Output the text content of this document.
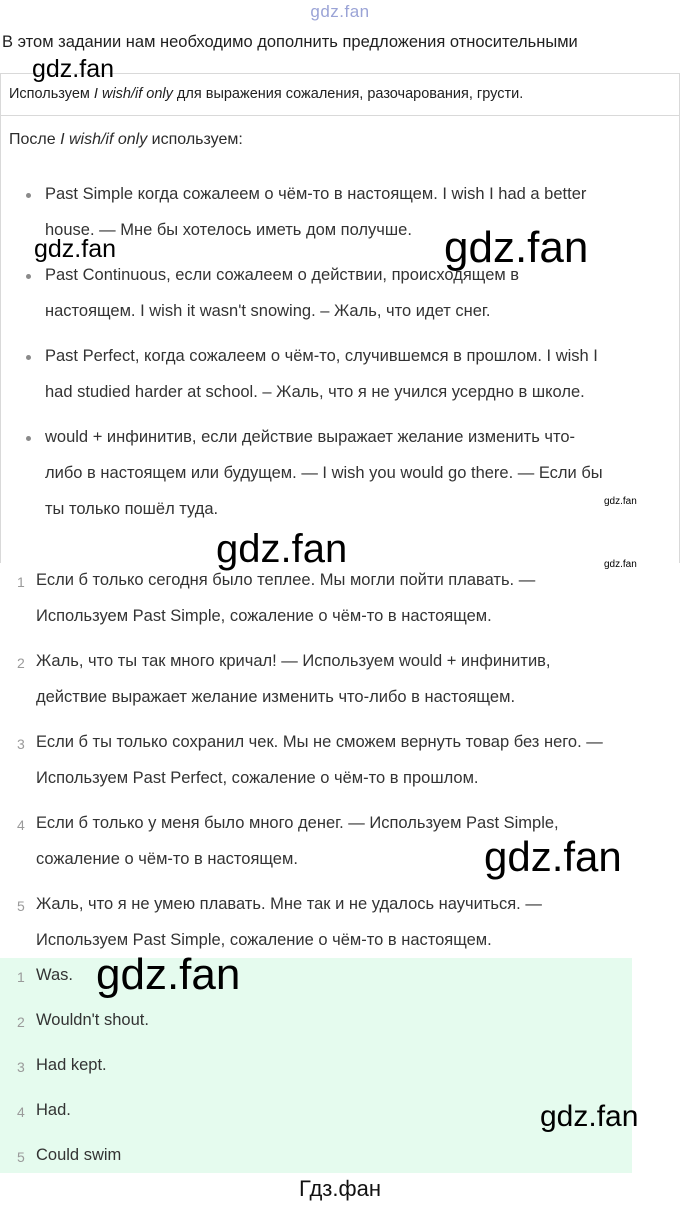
gdz.fan
В этом задании нам необходимо дополнить предложения относительными
Используем I wish/if only для выражения сожаления, разочарования, грусти.
После I wish/if only используем:
Past Simple когда сожалеем о чём-то в настоящем. I wish I had a better
house. — Мне бы хотелось иметь дом получше.
Past Continuous, если сожалеем о действии, происходящем в
настоящем. I wish it wasn't snowing. – Жаль, что идет снег.
Past Perfect, когда сожалеем о чём-то, случившемся в прошлом. I wish I
had studied harder at school. – Жаль, что я не учился усердно в школе.
would + инфинитив, если действие выражает желание изменить что-
либо в настоящем или будущем. — I wish you would go there. — Если бы
ты только пошёл туда.
1 Если б только сегодня было теплее. Мы могли пойти плавать. —
Используем Past Simple, сожаление о чём-то в настоящем.
2 Жаль, что ты так много кричал! — Используем would + инфинитив,
действие выражает желание изменить что-либо в настоящем.
3 Если б ты только сохранил чек. Мы не сможем вернуть товар без него. —
Используем Past Perfect, сожаление о чём-то в прошлом.
4 Если б только у меня было много денег. — Используем Past Simple,
сожаление о чём-то в настоящем.
5 Жаль, что я не умею плавать. Мне так и не удалось научиться. —
Используем Past Simple, сожаление о чём-то в настоящем.
1 Was.
2 Wouldn't shout.
3 Had kept.
4 Had.
5 Could swim
gdz.fan
gdz.fan	gdz.fan
gdz.fan
gdz.fan	gdz.fan
gdz.fan
gdz.fan
gdz.fan
Гдз.фан
